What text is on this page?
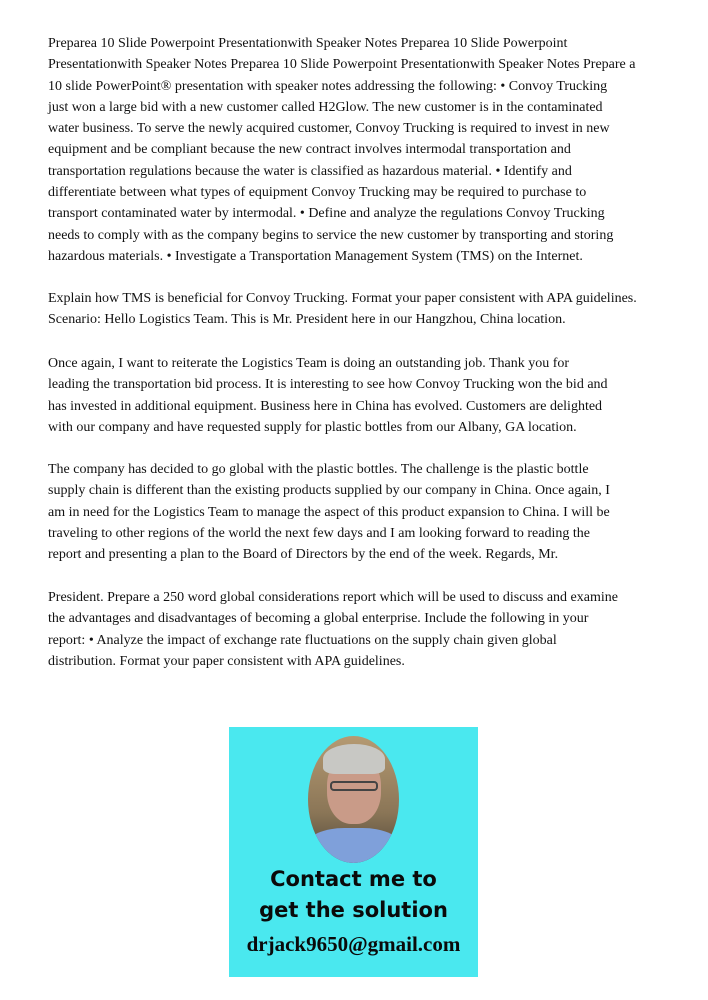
Preparea 10 Slide Powerpoint Presentationwith Speaker Notes Preparea 10 Slide Powerpoint
Presentationwith Speaker Notes Preparea 10 Slide Powerpoint Presentationwith Speaker Notes Prepare a
10 slide PowerPoint® presentation with speaker notes addressing the following: • Convoy Trucking
just won a large bid with a new customer called H2Glow. The new customer is in the contaminated
water business. To serve the newly acquired customer, Convoy Trucking is required to invest in new
equipment and be compliant because the new contract involves intermodal transportation and
transportation regulations because the water is classified as hazardous material. • Identify and
differentiate between what types of equipment Convoy Trucking may be required to purchase to
transport contaminated water by intermodal. • Define and analyze the regulations Convoy Trucking
needs to comply with as the company begins to service the new customer by transporting and storing
hazardous materials. • Investigate a Transportation Management System (TMS) on the Internet.
Explain how TMS is beneficial for Convoy Trucking. Format your paper consistent with APA guidelines.
Scenario: Hello Logistics Team. This is Mr. President here in our Hangzhou, China location.
Once again, I want to reiterate the Logistics Team is doing an outstanding job. Thank you for
leading the transportation bid process. It is interesting to see how Convoy Trucking won the bid and
has invested in additional equipment. Business here in China has evolved. Customers are delighted
with our company and have requested supply for plastic bottles from our Albany, GA location.
The company has decided to go global with the plastic bottles. The challenge is the plastic bottle
supply chain is different than the existing products supplied by our company in China. Once again, I
am in need for the Logistics Team to manage the aspect of this product expansion to China. I will be
traveling to other regions of the world the next few days and I am looking forward to reading the
report and presenting a plan to the Board of Directors by the end of the week. Regards, Mr.
President. Prepare a 250 word global considerations report which will be used to discuss and examine
the advantages and disadvantages of becoming a global enterprise. Include the following in your
report: • Analyze the impact of exchange rate fluctuations on the supply chain given global
distribution. Format your paper consistent with APA guidelines.
Contact me to
get the solution
drjack9650@gmail.com
